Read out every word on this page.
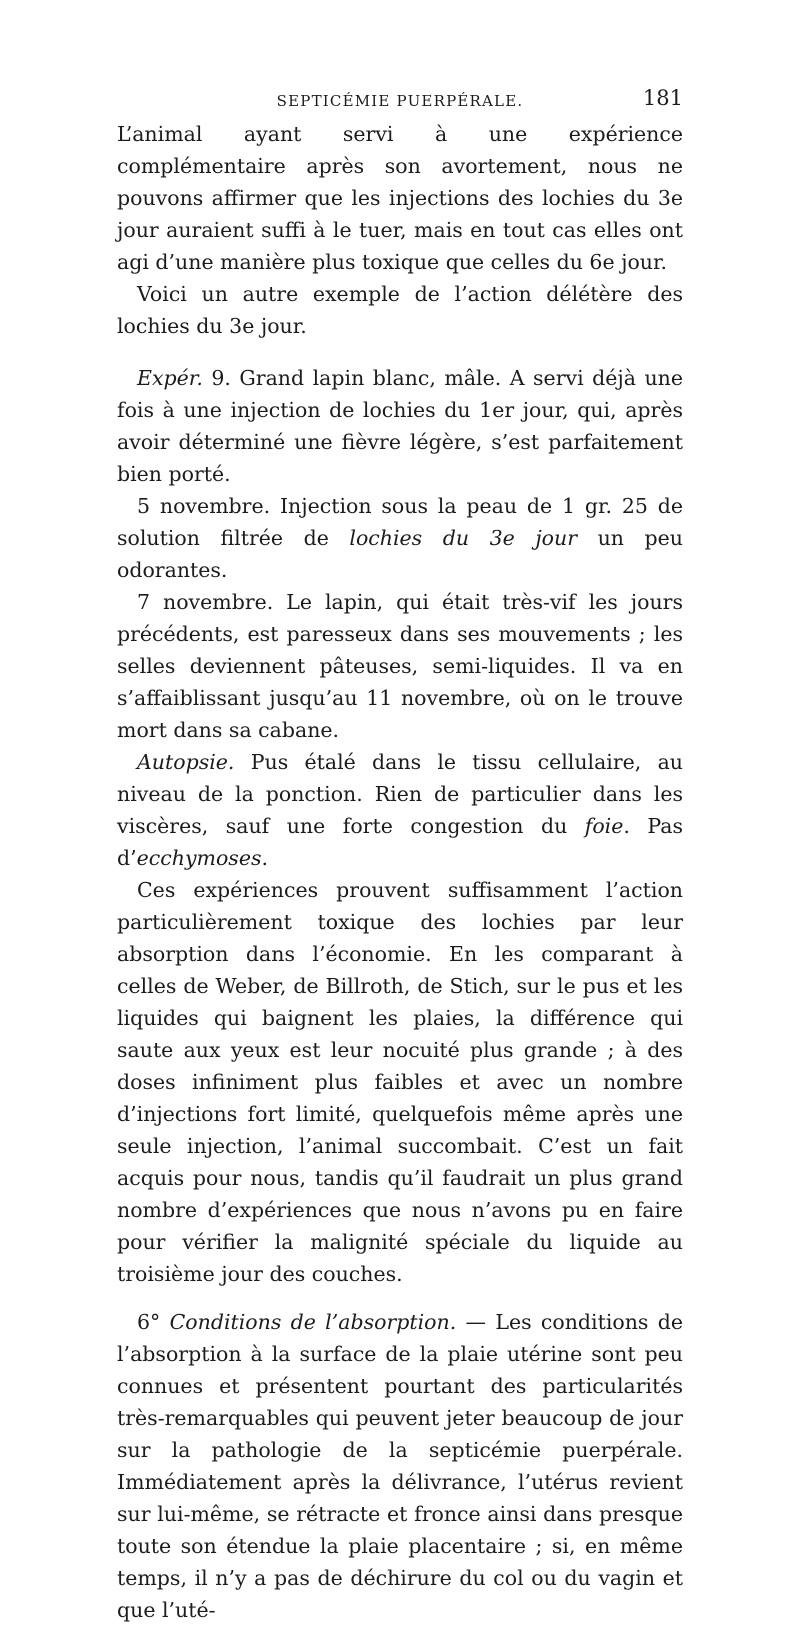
SEPTICÉMIE PUERPÉRALE.	181

L’animal ayant servi à une expérience complémentaire après son avortement, nous ne pouvons affirmer que les injections des lochies du 3e jour auraient suffi à le tuer, mais en tout cas elles ont agi d’une manière plus toxique que celles du 6e jour.

Voici un autre exemple de l’action délétère des lochies du 3e jour.

Expér. 9. Grand lapin blanc, mâle. A servi déjà une fois à une injection de lochies du 1er jour, qui, après avoir déterminé une fièvre légère, s’est parfaitement bien porté.

5 novembre. Injection sous la peau de 1 gr. 25 de solution filtrée de lochies du 3e jour un peu odorantes.

7 novembre. Le lapin, qui était très-vif les jours précédents, est paresseux dans ses mouvements ; les selles deviennent pâteuses, semi-liquides. Il va en s’affaiblissant jusqu’au 11 novembre, où on le trouve mort dans sa cabane.

Autopsie. Pus étalé dans le tissu cellulaire, au niveau de la ponction. Rien de particulier dans les viscères, sauf une forte congestion du foie. Pas d’ecchymoses.

Ces expériences prouvent suffisamment l’action particulièrement toxique des lochies par leur absorption dans l’économie. En les comparant à celles de Weber, de Billroth, de Stich, sur le pus et les liquides qui baignent les plaies, la différence qui saute aux yeux est leur nocuité plus grande ; à des doses infiniment plus faibles et avec un nombre d’injections fort limité, quelquefois même après une seule injection, l’animal succombait. C’est un fait acquis pour nous, tandis qu’il faudrait un plus grand nombre d’expériences que nous n’avons pu en faire pour vérifier la malignité spéciale du liquide au troisième jour des couches.

6° Conditions de l’absorption. — Les conditions de l’absorption à la surface de la plaie utérine sont peu connues et présentent pourtant des particularités très-remarquables qui peuvent jeter beaucoup de jour sur la pathologie de la septicémie puerpérale. Immédiatement après la délivrance, l’utérus revient sur lui-même, se rétracte et fronce ainsi dans presque toute son étendue la plaie placentaire ; si, en même temps, il n’y a pas de déchirure du col ou du vagin et que l’uté-
